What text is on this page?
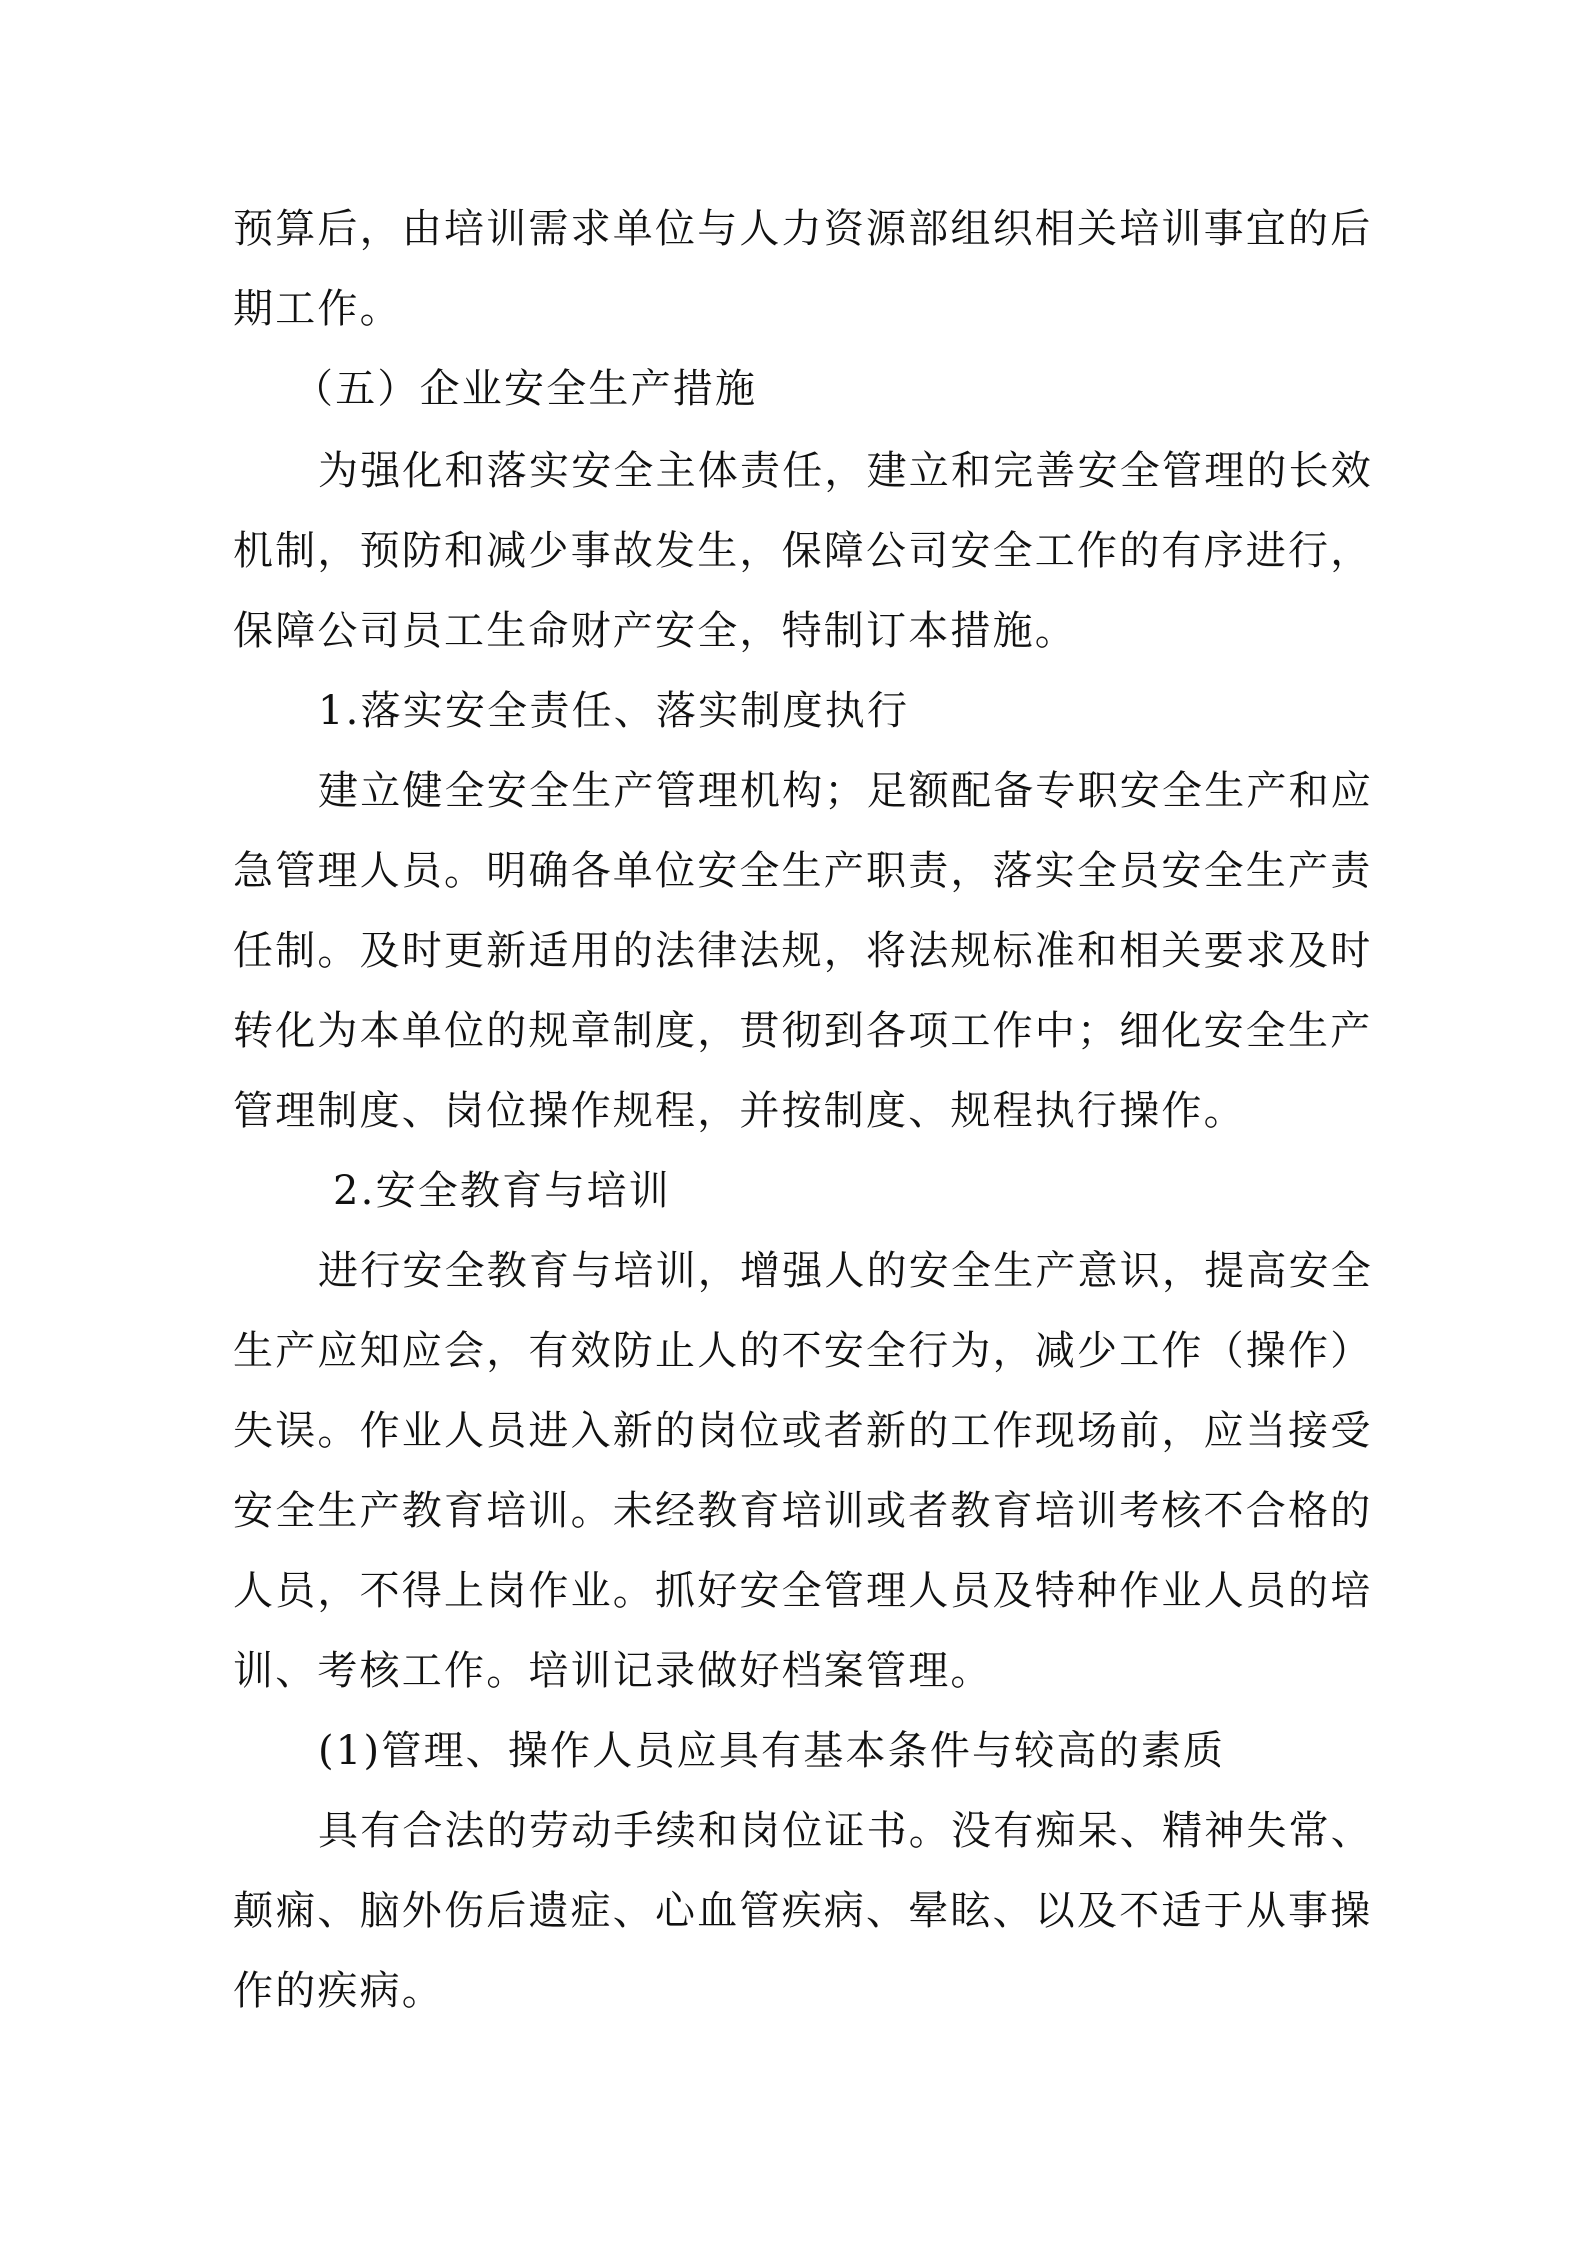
预算后，由培训需求单位与人力资源部组织相关培训事宜的后
期工作。
（五）企业安全生产措施
为强化和落实安全主体责任，建立和完善安全管理的长效
机制，预防和减少事故发生，保障公司安全工作的有序进行，
保障公司员工生命财产安全，特制订本措施。
1.落实安全责任、落实制度执行
建立健全安全生产管理机构；足额配备专职安全生产和应
急管理人员。明确各单位安全生产职责，落实全员安全生产责
任制。及时更新适用的法律法规，将法规标准和相关要求及时
转化为本单位的规章制度，贯彻到各项工作中；细化安全生产
管理制度、岗位操作规程，并按制度、规程执行操作。
2.安全教育与培训
进行安全教育与培训，增强人的安全生产意识，提高安全
生产应知应会，有效防止人的不安全行为，减少工作（操作）
失误。作业人员进入新的岗位或者新的工作现场前，应当接受
安全生产教育培训。未经教育培训或者教育培训考核不合格的
人员，不得上岗作业。抓好安全管理人员及特种作业人员的培
训、考核工作。培训记录做好档案管理。
(1)管理、操作人员应具有基本条件与较高的素质
具有合法的劳动手续和岗位证书。没有痴呆、精神失常、
颠痫、脑外伤后遗症、心血管疾病、晕眩、以及不适于从事操
作的疾病。
